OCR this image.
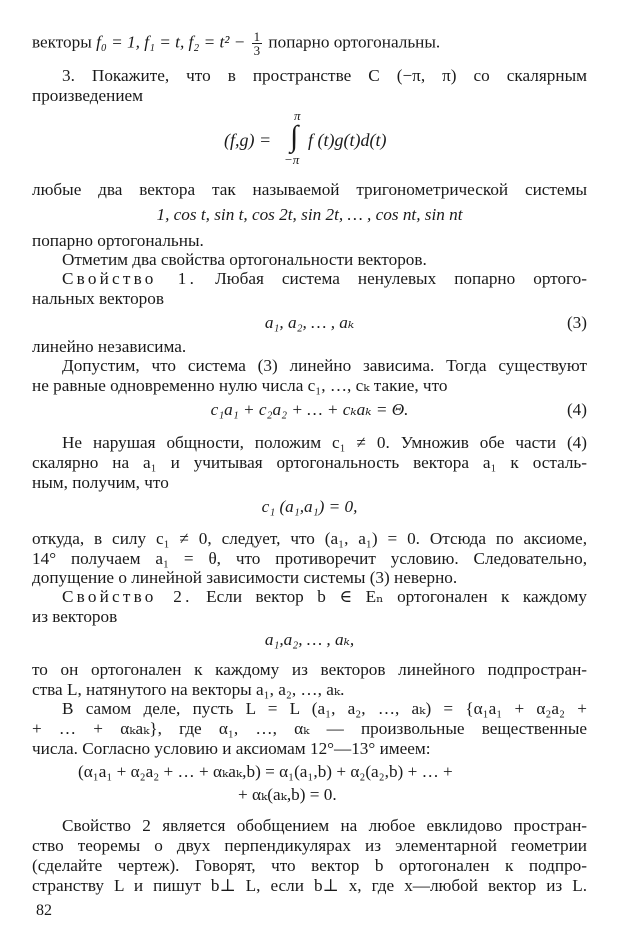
векторы f₀ = 1, f₁ = t, $f_2 = t^2 - \frac{1}{3}$ попарно ортогональны.
3. Покажите, что в пространстве C (−π, π) со скалярным
произведением
π
(f,g) = ∫ f (t)g(t)d(t)
−π
любые два вектора так называемой тригонометрической системы
1, cos t, sin t, cos 2t, sin 2t, … , cos nt, sin nt
попарно ортогональны.
Отметим два свойства ортогональности векторов.
Свойство 1. Любая система ненулевых попарно ортого-
нальных векторов
a₁, a₂, … , aₖ	(3)
линейно независима.
Допустим, что система (3) линейно зависима. Тогда существуют
не равные одновременно нулю числа c₁, …, cₖ такие, что
c₁a₁ + c₂a₂ + … + cₖaₖ = Θ.	(4)
Не нарушая общности, положим c₁ ≠ 0. Умножив обе части (4)
скалярно на a₁ и учитывая ортогональность вектора a₁ к осталь-
ным, получим, что
c₁ (a₁,a₁) = 0,
откуда, в силу c₁ ≠ 0, следует, что (a₁, a₁) = 0. Отсюда по аксиоме,
14° получаем a₁ = θ, что противоречит условию. Следовательно,
допущение о линейной зависимости системы (3) неверно.
Свойство 2. Если вектор b ∈ Eₙ ортогонален к каждому
из векторов
a₁,a₂, … , aₖ,
то он ортогонален к каждому из векторов линейного подпростран-
ства L, натянутого на векторы a₁, a₂, …, aₖ.
В самом деле, пусть L = L (a₁, a₂, …, aₖ) = {α₁a₁ + α₂a₂ +
+ … + αₖaₖ}, где α₁, …, αₖ — произвольные вещественные
числа. Согласно условию и аксиомам 12°—13° имеем:
(α₁a₁ + α₂a₂ + … + αₖaₖ,b) = α₁(a₁,b) + α₂(a₂,b) + … +
+ αₖ(aₖ,b) = 0.
Свойство 2 является обобщением на любое евклидово простран-
ство теоремы о двух перпендикулярах из элементарной геометрии
(сделайте чертеж). Говорят, что вектор b ортогонален к подпро-
странству L и пишут b⊥ L, если b⊥ x, где x—любой вектор из L.
82
